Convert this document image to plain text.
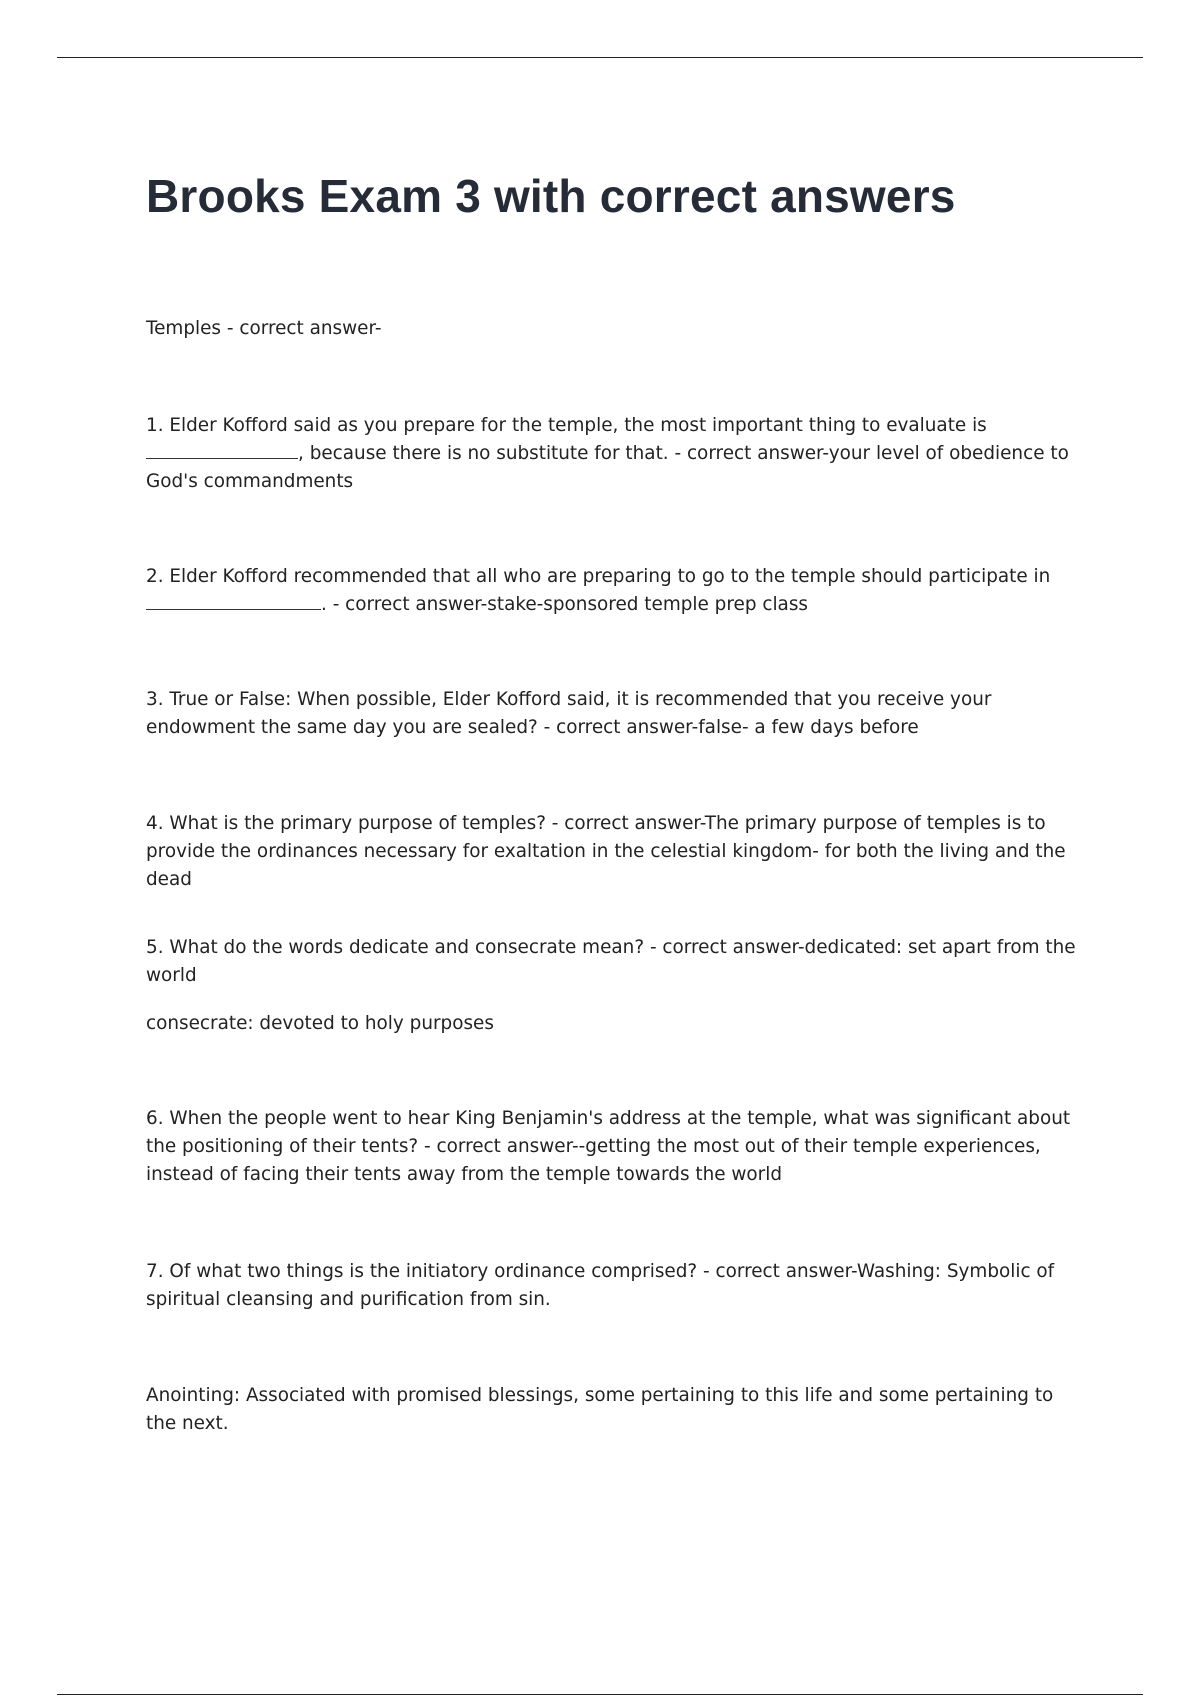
Brooks Exam 3 with correct answers

Temples - correct answer-

1. Elder Kofford said as you prepare for the temple, the most important thing to evaluate is
, because there is no substitute for that. - correct answer-your level of obedience to God's commandments

2. Elder Kofford recommended that all who are preparing to go to the temple should participate in
. - correct answer-stake-sponsored temple prep class

3. True or False: When possible, Elder Kofford said, it is recommended that you receive your endowment the same day you are sealed? - correct answer-false- a few days before

4. What is the primary purpose of temples? - correct answer-The primary purpose of temples is to provide the ordinances necessary for exaltation in the celestial kingdom- for both the living and the dead

5. What do the words dedicate and consecrate mean? - correct answer-dedicated: set apart from the world

consecrate: devoted to holy purposes

6. When the people went to hear King Benjamin's address at the temple, what was significant about the positioning of their tents? - correct answer--getting the most out of their temple experiences, instead of facing their tents away from the temple towards the world

7. Of what two things is the initiatory ordinance comprised? - correct answer-Washing: Symbolic of spiritual cleansing and purification from sin.

Anointing: Associated with promised blessings, some pertaining to this life and some pertaining to the next.
